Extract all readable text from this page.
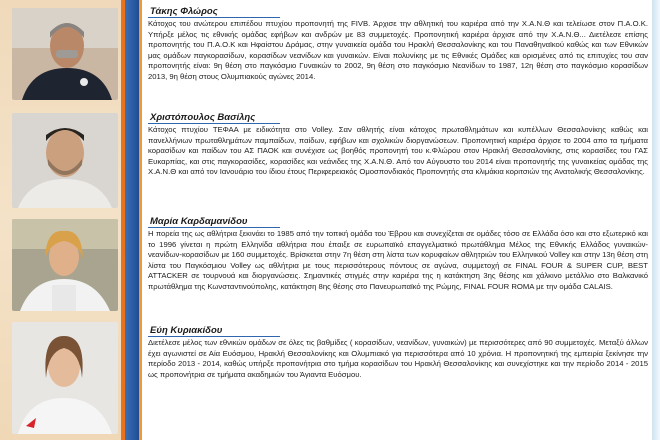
Τάκης Φλώρος
Κάτοχος του ανώτερου επιπέδου πτυχίου προπονητή της FIVB. Άρχισε την αθλητική του καριέρα από την Χ.Α.Ν.Θ και τελείωσε στον Π.Α.Ο.Κ. Υπήρξε μέλος τις εθνικής ομάδας εφήβων και ανδρών με 83 συμμετοχές. Προπονητική καριέρα άρχισε από την Χ.Α.Ν.Θ... Διετέλεσε επίσης προπονητής του Π.Α.Ο.Κ και Ηφαίστου Δράμας, στην γυναικεία ομάδα του Ηρακλή Θεσσαλονίκης και του Παναθηναϊκού καθώς και των Εθνικών μας ομάδων παγκορασίδων, κορασίδων νεανίδων και γυναικών. Είναι πολυνίκης με τις Εθνικές Ομάδες και ορισμένες από τις επιτυχίες του σαν προπονητής είναι: 9η θέση στο παγκόσμιο Γυναικών το 2002, 9η θέση στο παγκόσμιο Νεανίδων το 1987, 12η θέση στο παγκόσμιο κορασίδων 2013, 9η θέση στους Ολυμπιακούς αγώνες 2014.
Χριστόπουλος Βασίλης
Κάτοχος πτυχίου ΤΕΦΑΑ με ειδικότητα στο Volley. Σαν αθλητής είναι κάτοχος πρωταθλημάτων και κυπέλλων Θεσσαλονίκης καθώς και πανελλήνιων πρωταθλημάτων παμπαίδων, παίδων, εφήβων και σχολικών διοργανώσεων. Προπονητική καριέρα άρχισε το 2004 απο τα τμήματα κορασίδων και παίδων του ΑΣ ΠΑΟΚ και συνέχισε ως βοηθός προπονητή του κ.Φλώρου στον Ηρακλή Θεσσαλονίκης, στις κορασίδες του ΓΑΣ Ευκαρπίας, και στις παγκορασίδες, κορασίδες και νεάνιδες της Χ.Α.Ν.Θ. Από τον Αύγουστο του 2014 είναι προπονητής της γυναικείας ομάδας της Χ.Α.Ν.Θ και από τον Ιανουάριο του ίδιου έτους Περιφερειακός Ομοσπονδιακός Προπονητής στα κλιμάκια κοριτσιών της Ανατολικής Θεσσαλονίκης.
Μαρία Καρδαμανίδου
Η πορεία της ως αθλήτρια ξεκινάει το 1985 από την τοπική ομάδα του Έβρου και συνεχίζεται σε ομάδες τόσο σε Ελλάδα όσο και στο εξωτερικό και το 1996 γίνεται η πρώτη Ελληνίδα αθλήτρια που έπαιξε σε ευρωπαϊκό επαγγελματικό πρωτάθλημα Μέλος της Εθνικής Ελλάδος γυναικών-νεανίδων-κορασίδων με 160 συμμετοχές. Βρίσκεται στην 7η θέση στη λίστα των κορυφαίων αθλητριών του Ελληνικού Volley και στην 13η θέση στη λίστα του Παγκόσμιου Volley ως αθλήτρια με τους περισσότερους πόντους σε αγώνα, συμμετοχή σε FINAL FOUR & SUPER CUP, BEST ATTACKER σε τουρνουά και διοργανώσεις. Σημαντικές στιγμές στην καριέρα της η κατάκτηση 3ης θέσης και χάλκινο μετάλλιο στο Βαλκανικό πρωτάθλημα της Κωνσταντινούπολης, κατάκτηση 8ης θέσης στο Πανευρωπαϊκό της Ρώμης, FINAL FOUR ROMA με την ομάδα CALAIS.
Εύη Κυριακίδου
Διετέλεσε μέλος των εθνικών ομάδων σε όλες τις βαθμίδες ( κορασίδων, νεανίδων, γυναικών) με περισσότερες από 90 συμμετοχές. Μεταξύ άλλων έχει αγωνιστεί σε Αία Ευόσμου, Ηρακλή Θεσσαλονίκης και Ολυμπιακό για περισσότερα από 10 χρόνια. Η προπονητική της εμπειρία ξεκίνησε την περίοδο 2013 - 2014, καθώς υπήρξε προπονήτρια στο τμήμα κορασίδων του Ηρακλή Θεσσαλονίκης και συνεχίστηκε και την περίοδο 2014 - 2015 ως προπονήτρια σε τμήματα ακαδημιών του Άγιαντα Ευόσμου.
